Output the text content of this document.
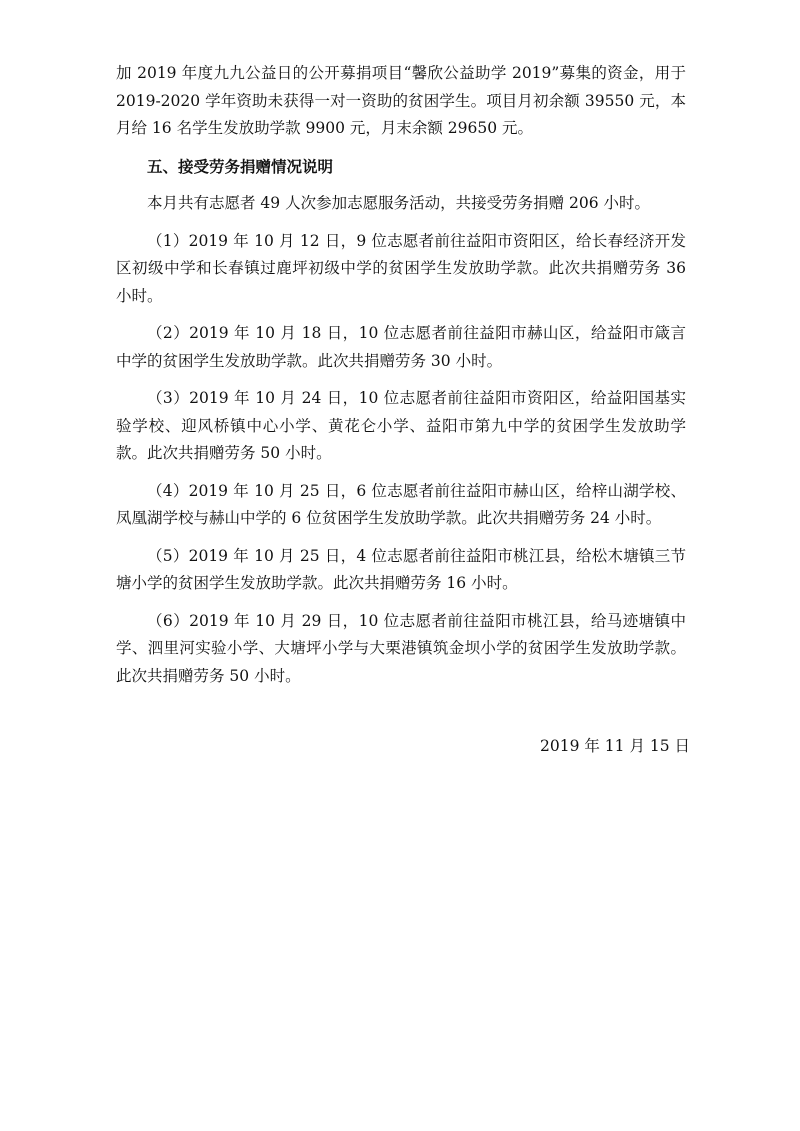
加 2019 年度九九公益日的公开募捐项目“馨欣公益助学 2019”募集的资金，用于 2019-2020 学年资助未获得一对一资助的贫困学生。项目月初余额 39550 元，本月给 16 名学生发放助学款 9900 元，月末余额 29650 元。

五、接受劳务捐赠情况说明

本月共有志愿者 49 人次参加志愿服务活动，共接受劳务捐赠 206 小时。

（1）2019 年 10 月 12 日，9 位志愿者前往益阳市资阳区，给长春经济开发区初级中学和长春镇过鹿坪初级中学的贫困学生发放助学款。此次共捐赠劳务 36 小时。

（2）2019 年 10 月 18 日，10 位志愿者前往益阳市赫山区，给益阳市箴言中学的贫困学生发放助学款。此次共捐赠劳务 30 小时。

（3）2019 年 10 月 24 日，10 位志愿者前往益阳市资阳区，给益阳国基实验学校、迎风桥镇中心小学、黄花仑小学、益阳市第九中学的贫困学生发放助学款。此次共捐赠劳务 50 小时。

（4）2019 年 10 月 25 日，6 位志愿者前往益阳市赫山区，给梓山湖学校、凤凰湖学校与赫山中学的 6 位贫困学生发放助学款。此次共捐赠劳务 24 小时。

（5）2019 年 10 月 25 日，4 位志愿者前往益阳市桃江县，给松木塘镇三节塘小学的贫困学生发放助学款。此次共捐赠劳务 16 小时。

（6）2019 年 10 月 29 日，10 位志愿者前往益阳市桃江县，给马迹塘镇中学、泗里河实验小学、大塘坪小学与大栗港镇筑金坝小学的贫困学生发放助学款。此次共捐赠劳务 50 小时。

2019 年 11 月 15 日
